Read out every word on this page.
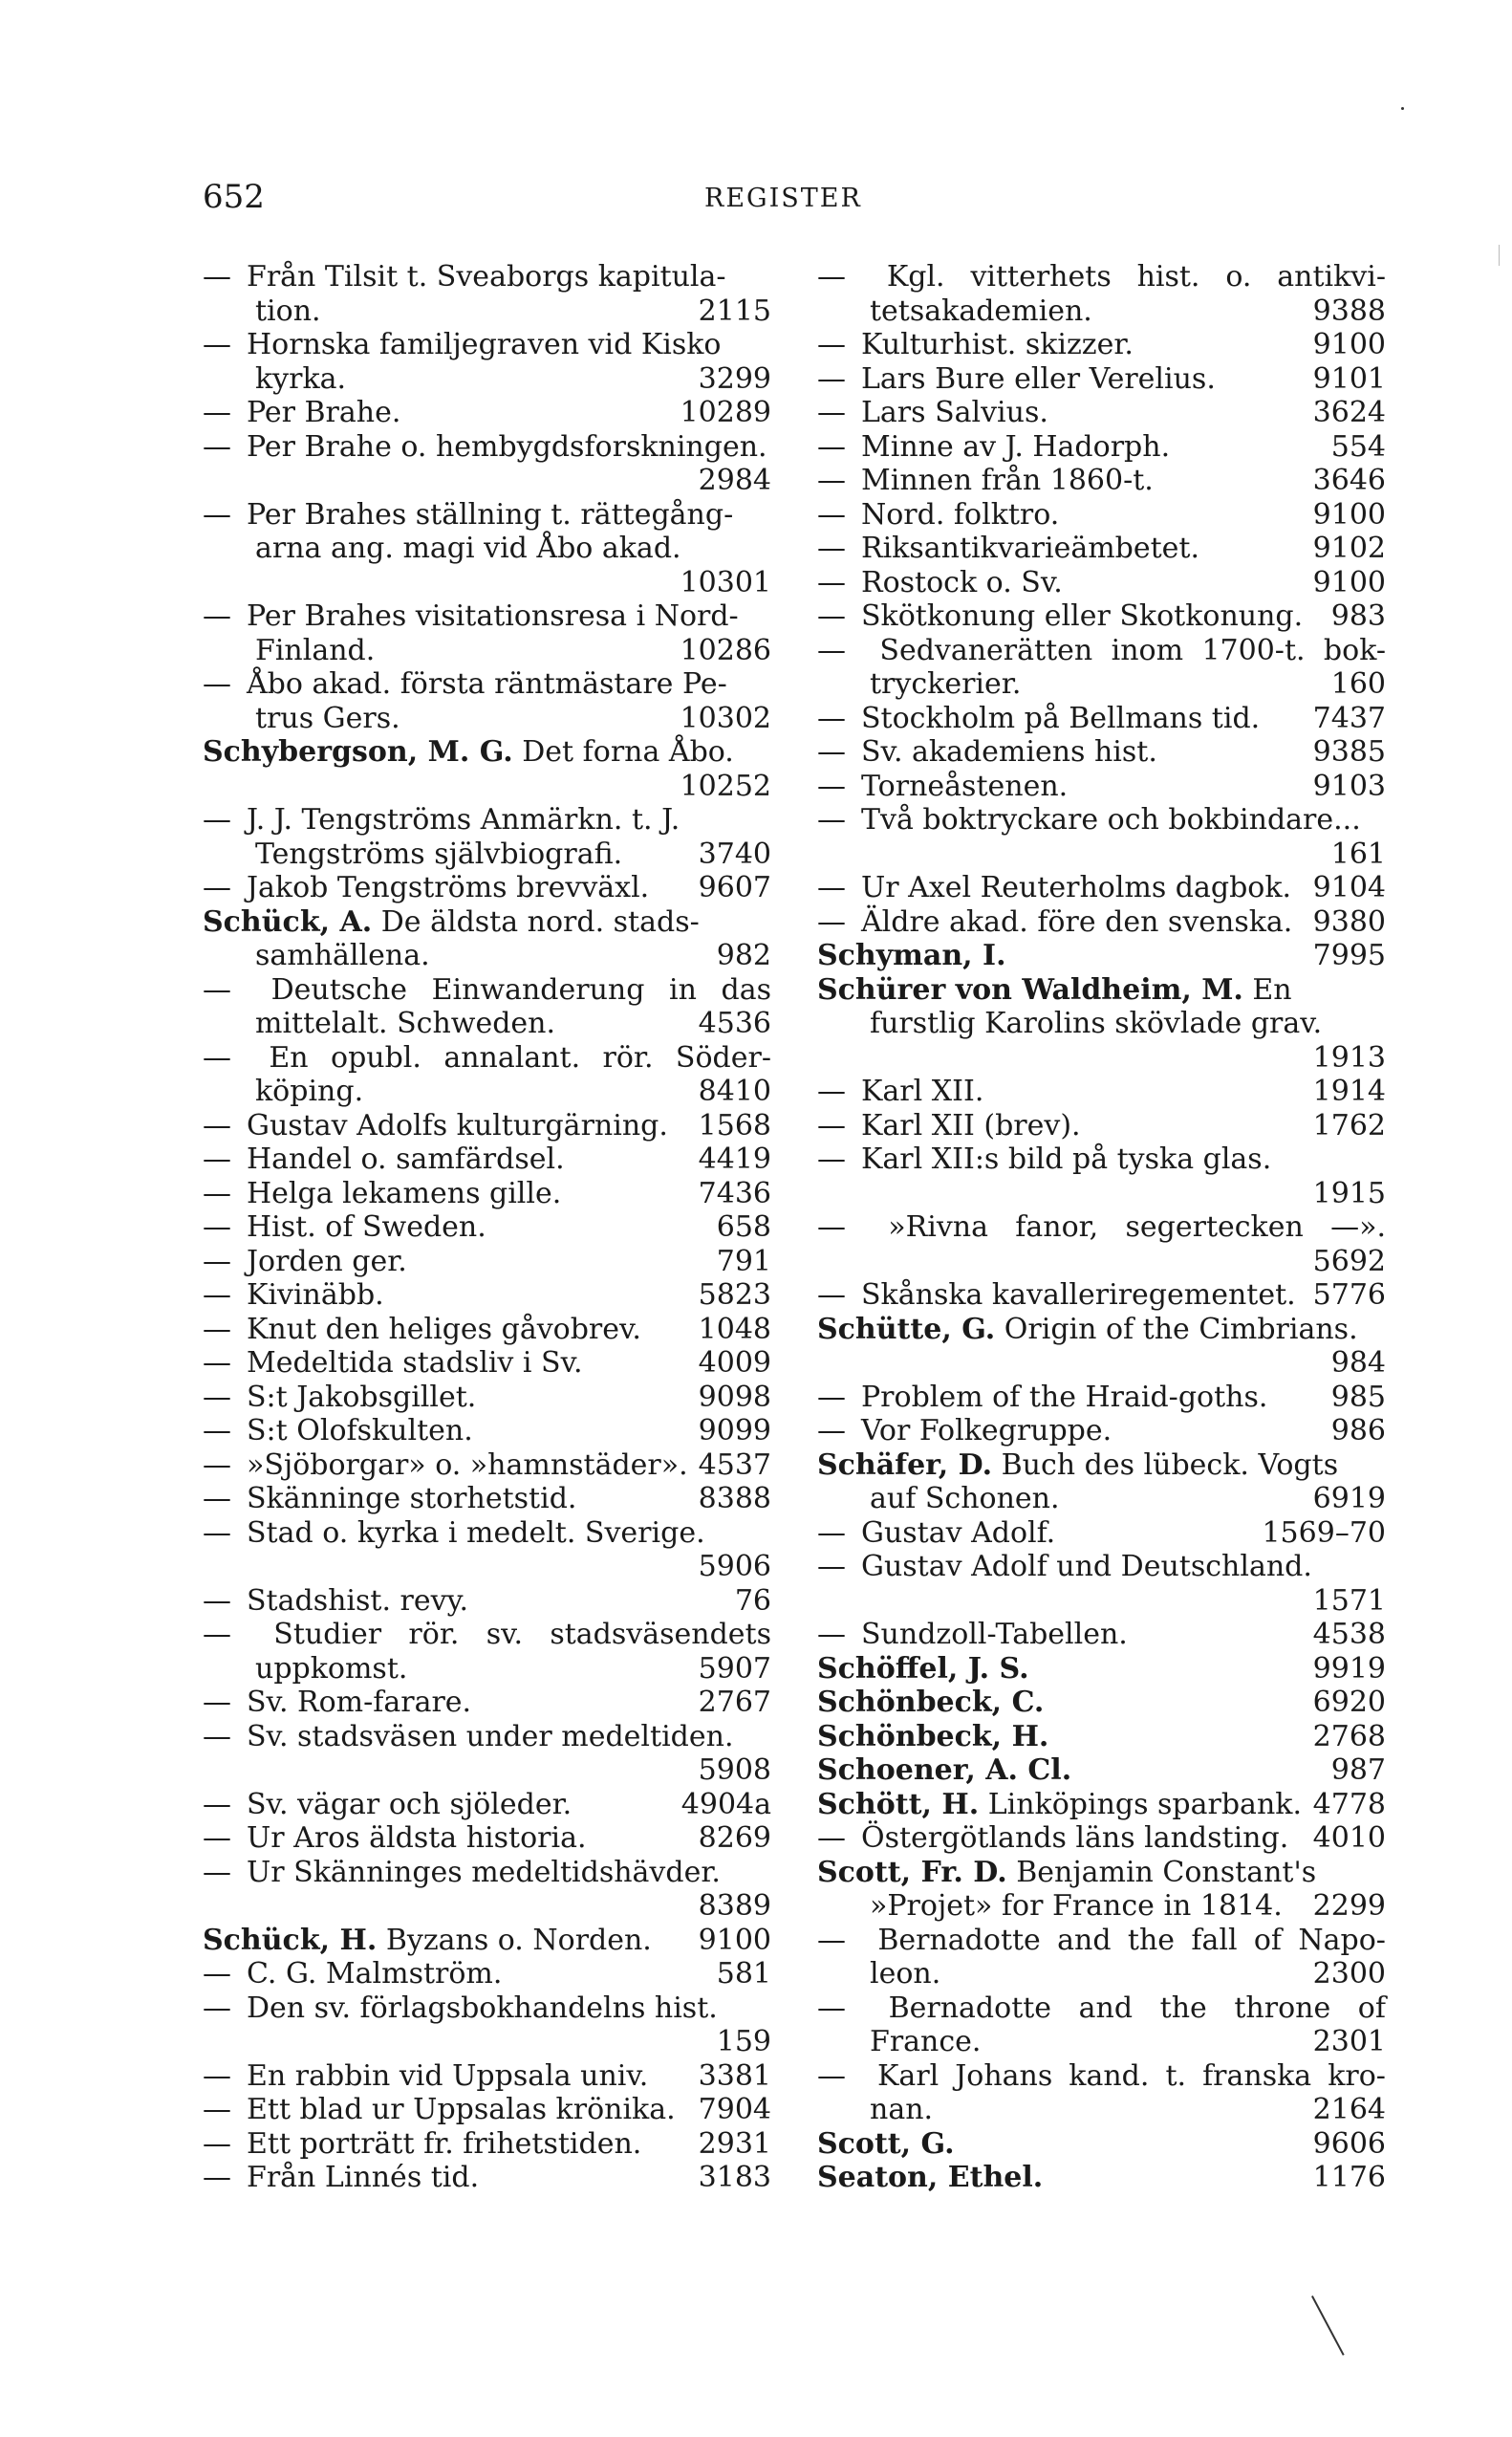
652	REGISTER
— Från Tilsit t. Sveaborgs kapitula-
tion.	2115
— Hornska familjegraven vid Kisko
kyrka.	3299
— Per Brahe.	10289
— Per Brahe o. hembygdsforskningen.
2984
— Per Brahes ställning t. rättegång-
arna ang. magi vid Åbo akad.
10301
— Per Brahes visitationsresa i Nord-
Finland.	10286
— Åbo akad. första räntmästare Pe-
trus Gers.	10302
Schybergson, M. G. Det forna Åbo.
10252
— J. J. Tengströms Anmärkn. t. J.
Tengströms självbiografi.	3740
— Jakob Tengströms brevväxl. 9607
Schück, A. De äldsta nord. stads-
samhällena.	982
—	Deutsche Einwanderung in das
mittelalt. Schweden.	4536
—	En opubl. annalant. rör. Söder-
köping.	8410
— Gustav Adolfs kulturgärning. 1568
— Handel o. samfärdsel.	4419
— Helga lekamens gille.	7436
— Hist. of Sweden.	658
— Jorden ger.	791
— Kivinäbb.	5823
— Knut den heliges gåvobrev. 1048
— Medeltida stadsliv i Sv.	4009
— S:t Jakobsgillet.	9098
— S:t Olofskulten.	9099
— »Sjöborgar» o. »hamnstäder». 4537
— Skänninge storhetstid.	8388
— Stad o. kyrka i medelt. Sverige.
5906
— Stadshist. revy.	76
—	Studier rör. sv. stadsväsendets
uppkomst.	5907
— Sv. Rom-farare.	2767
— Sv. stadsväsen under medeltiden.
5908
— Sv. vägar och sjöleder.	4904a
— Ur Aros äldsta historia.	8269
— Ur Skänninges medeltidshävder.
8389
Schück, H. Byzans o. Norden. 9100
— C. G. Malmström.	581
— Den sv. förlagsbokhandelns hist.
159
— En rabbin vid Uppsala univ. 3381
— Ett blad ur Uppsalas krönika. 7904
— Ett porträtt fr. frihetstiden. 2931
— Från Linnés tid.	3183
—	Kgl. vitterhets hist. o. antikvi-
tetsakademien.	9388
— Kulturhist. skizzer.	9100
— Lars Bure eller Verelius.	9101
— Lars Salvius.	3624
— Minne av J. Hadorph.	554
— Minnen från 1860-t.	3646
— Nord. folktro.	9100
— Riksantikvarieämbetet.	9102
— Rostock o. Sv.	9100
— Skötkonung eller Skotkonung. 983
—	Sedvanerätten inom 1700-t. bok-
tryckerier.	160
— Stockholm på Bellmans tid. 7437
— Sv. akademiens hist.	9385
— Torneåstenen.	9103
— Två boktryckare och bokbindare...
161
— Ur Axel Reuterholms dagbok. 9104
— Äldre akad. före den svenska. 9380
Schyman, I.	7995
Schürer von Waldheim, M. En
furstlig Karolins skövlade grav.
1913
— Karl XII.	1914
— Karl XII (brev).	1762
— Karl XII:s bild på tyska glas.
1915
—	»Rivna fanor, segertecken —».
5692
— Skånska kavalleriregementet. 5776
Schütte, G. Origin of the Cimbrians.
984
— Problem of the Hraid-goths. 985
— Vor Folkegruppe.	986
Schäfer, D. Buch des lübeck. Vogts
auf Schonen.	6919
— Gustav Adolf.	1569–70
— Gustav Adolf und Deutschland.
1571
— Sundzoll-Tabellen.	4538
Schöffel, J. S.	9919
Schönbeck, C.	6920
Schönbeck, H.	2768
Schoener, A. Cl.	987
Schött, H. Linköpings sparbank. 4778
— Östergötlands läns landsting. 4010
Scott, Fr. D. Benjamin Constant's
»Projet» for France in 1814. 2299
—	Bernadotte and the fall of Napo-
leon.	2300
—	Bernadotte and the throne of
France.	2301
—	Karl Johans kand. t. franska kro-
nan.	2164
Scott, G.	9606
Seaton, Ethel.	1176
